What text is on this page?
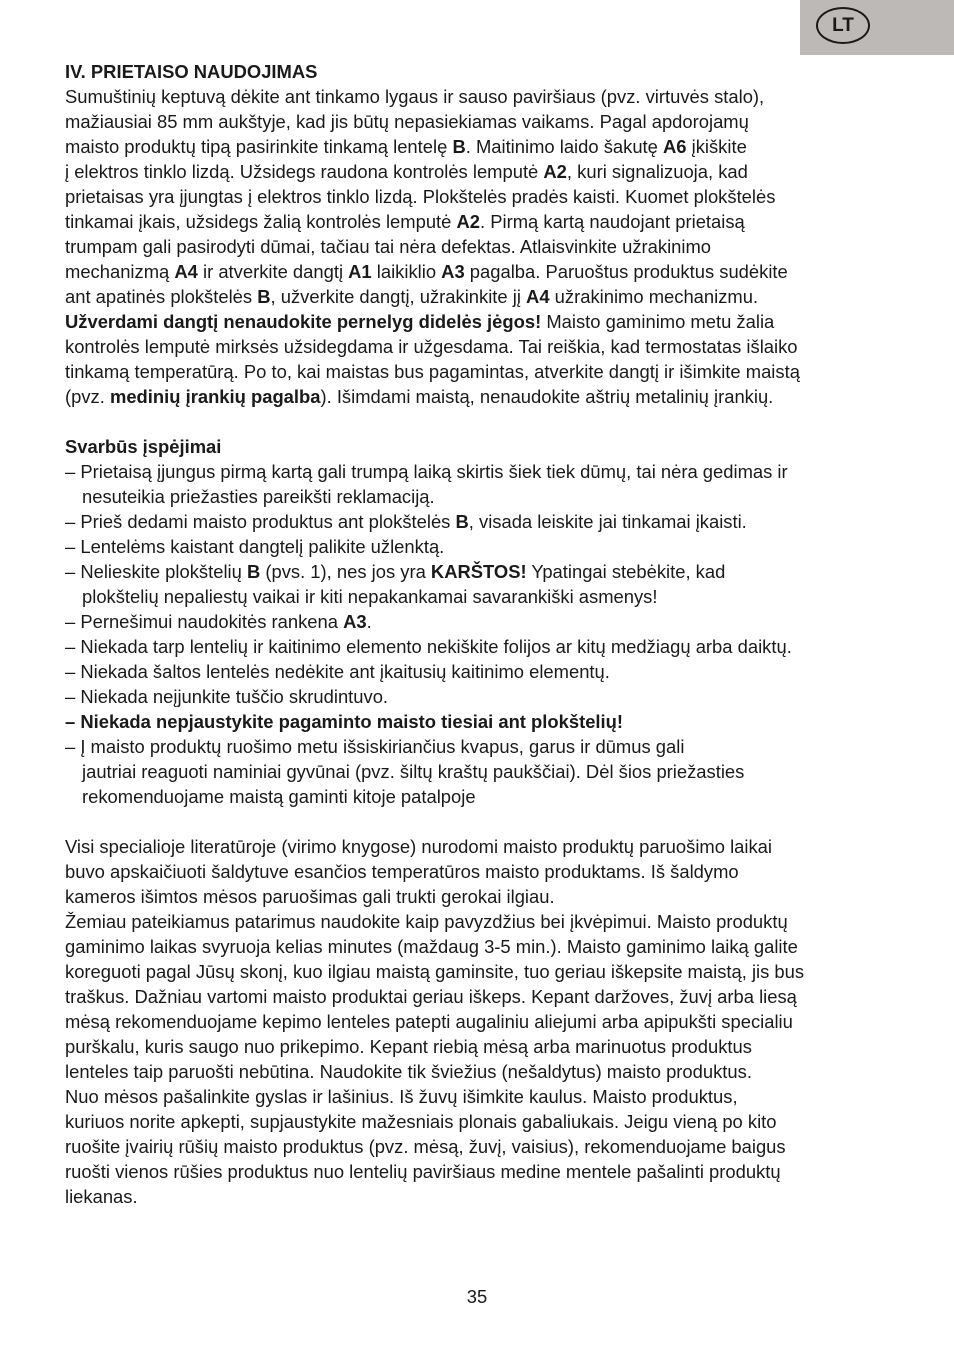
LT
IV. PRIETAISO NAUDOJIMAS
Sumuštinių keptuvą dėkite ant tinkamo lygaus ir sauso paviršiaus (pvz. virtuvės stalo),
mažiausiai 85 mm aukštyje, kad jis būtų nepasiekiamas vaikams. Pagal apdorojamų
maisto produktų tipą pasirinkite tinkamą lentelę B. Maitinimo laido šakutę A6 įkiškite
į elektros tinklo lizdą. Užsidegs raudona kontrolės lemputė A2, kuri signalizuoja, kad
prietaisas yra įjungtas į elektros tinklo lizdą. Plokštelės pradės kaisti. Kuomet plokštelės
tinkamai įkais, užsidegs žalią kontrolės lemputė A2. Pirmą kartą naudojant prietaisą
trumpam gali pasirodyti dūmai, tačiau tai nėra defektas. Atlaisvinkite užrakinimo
mechanizmą A4 ir atverkite dangtį A1 laikiklio A3 pagalba. Paruoštus produktus sudėkite
ant apatinės plokštelės B, užverkite dangtį, užrakinkite jį A4 užrakinimo mechanizmu.
Užverdami dangtį nenaudokite pernelyg didelės jėgos! Maisto gaminimo metu žalia
kontrolės lemputė mirksės užsidegdama ir užgesdama. Tai reiškia, kad termostatas išlaiko
tinkamą temperatūrą. Po to, kai maistas bus pagamintas, atverkite dangtį ir išimkite maistą
(pvz. medinių įrankių pagalba). Išimdami maistą, nenaudokite aštrių metalinių įrankių.
Svarbūs įspėjimai
– Prietaisą įjungus pirmą kartą gali trumpą laiką skirtis šiek tiek dūmų, tai nėra gedimas ir
nesuteikia priežasties pareikšti reklamaciją.
– Prieš dedami maisto produktus ant plokštelės B, visada leiskite jai tinkamai įkaisti.
– Lentelėms kaistant dangtelį palikite užlenktą.
– Nelieskite plokštelių B (pvs. 1), nes jos yra KARŠTOS! Ypatingai stebėkite, kad
plokštelių nepaliestų vaikai ir kiti nepakankamai savarankiški asmenys!
– Pernešimui naudokitės rankena A3.
– Niekada tarp lentelių ir kaitinimo elemento nekiškite folijos ar kitų medžiagų arba daiktų.
– Niekada šaltos lentelės nedėkite ant įkaitusių kaitinimo elementų.
– Niekada neįjunkite tuščio skrudintuvo.
– Niekada nepjaustykite pagaminto maisto tiesiai ant plokštelių!
– Į maisto produktų ruošimo metu išsiskiriančius kvapus, garus ir dūmus gali
jautriai reaguoti naminiai gyvūnai (pvz. šiltų kraštų paukščiai). Dėl šios priežasties
rekomenduojame maistą gaminti kitoje patalpoje
Visi specialioje literatūroje (virimo knygose) nurodomi maisto produktų paruošimo laikai
buvo apskaičiuoti šaldytuve esančios temperatūros maisto produktams. Iš šaldymo
kameros išimtos mėsos paruošimas gali trukti gerokai ilgiau.
Žemiau pateikiamus patarimus naudokite kaip pavyzdžius bei įkvėpimui. Maisto produktų
gaminimo laikas svyruoja kelias minutes (maždaug 3-5 min.). Maisto gaminimo laiką galite
koreguoti pagal Jūsų skonį, kuo ilgiau maistą gaminsite, tuo geriau iškepsite maistą, jis bus
traškus. Dažniau vartomi maisto produktai geriau iškeps. Kepant daržoves, žuvį arba liesą
mėsą rekomenduojame kepimo lenteles patepti augaliniu aliejumi arba apipukšti specialiu
purškalu, kuris saugo nuo prikepimo. Kepant riebią mėsą arba marinuotus produktus
lenteles taip paruošti nebūtina. Naudokite tik šviežius (nešaldytus) maisto produktus.
Nuo mėsos pašalinkite gyslas ir lašinius. Iš žuvų išimkite kaulus. Maisto produktus,
kuriuos norite apkepti, supjaustykite mažesniais plonais gabaliukais. Jeigu vieną po kito
ruošite įvairių rūšių maisto produktus (pvz. mėsą, žuvį, vaisius), rekomenduojame baigus
ruošti vienos rūšies produktus nuo lentelių paviršiaus medine mentele pašalinti produktų
liekanas.
35
